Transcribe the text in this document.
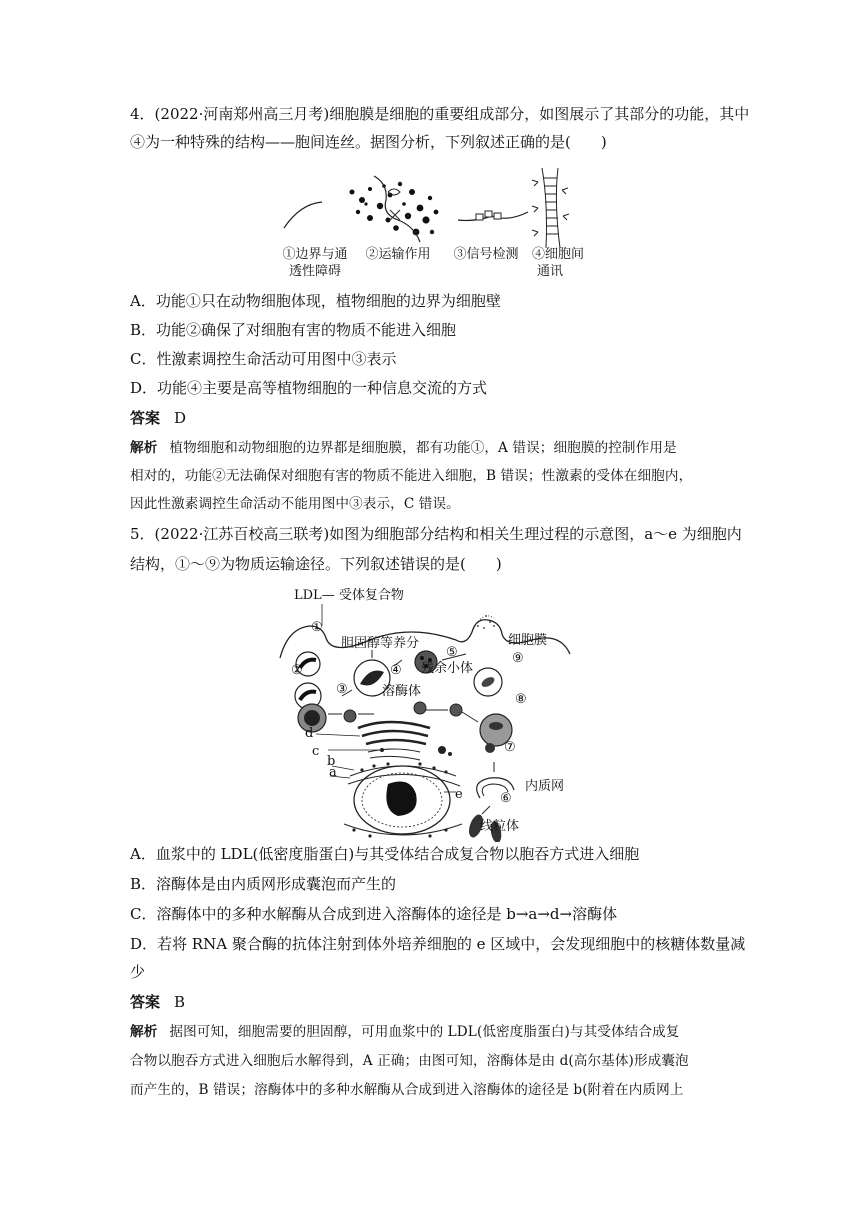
4．(2022·河南郑州高三月考)细胞膜是细胞的重要组成部分，如图展示了其部分的功能，其中
④为一种特殊的结构——胞间连丝。据图分析，下列叙述正确的是(　　)
①边界与通
透性障碍
②运输作用	③信号检测	④细胞间
通讯
A．功能①只在动物细胞体现，植物细胞的边界为细胞壁
B．功能②确保了对细胞有害的物质不能进入细胞
C．性激素调控生命活动可用图中③表示
D．功能④主要是高等植物细胞的一种信息交流的方式
答案 D
解析 植物细胞和动物细胞的边界都是细胞膜，都有功能①，A 错误；细胞膜的控制作用是
相对的，功能②无法确保对细胞有害的物质不能进入细胞，B 错误；性激素的受体在细胞内，
因此性激素调控生命活动不能用图中③表示，C 错误。
5．(2022·江苏百校高三联考)如图为细胞部分结构和相关生理过程的示意图，a～e 为细胞内
结构，①～⑨为物质运输途径。下列叙述错误的是(　　)
LDL— 受体复合物
①
胆固醇等养分	细胞膜
⑤
②	④ 残余小体
⑨
③	溶酶体
⑧
d
c	⑦
b
a
内质网
e	⑥
线粒体
A．血浆中的 LDL(低密度脂蛋白)与其受体结合成复合物以胞吞方式进入细胞
B．溶酶体是由内质网形成囊泡而产生的
C．溶酶体中的多种水解酶从合成到进入溶酶体的途径是 b→a→d→溶酶体
D．若将 RNA 聚合酶的抗体注射到体外培养细胞的 e 区域中，会发现细胞中的核糖体数量减
少
答案 B
解析 据图可知，细胞需要的胆固醇，可用血浆中的 LDL(低密度脂蛋白)与其受体结合成复
合物以胞吞方式进入细胞后水解得到，A 正确；由图可知，溶酶体是由 d(高尔基体)形成囊泡
而产生的，B 错误；溶酶体中的多种水解酶从合成到进入溶酶体的途径是 b(附着在内质网上
